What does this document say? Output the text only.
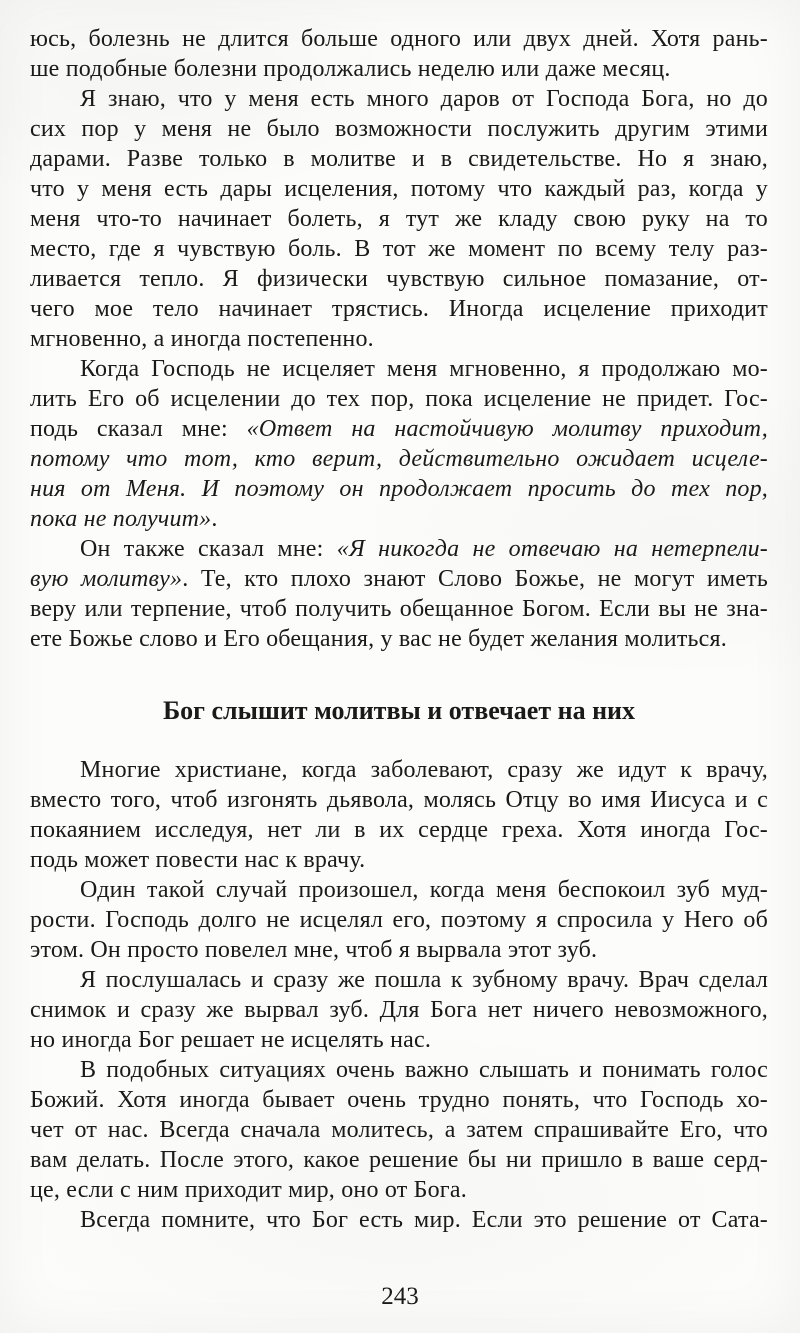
юсь, болезнь не длится больше одного или двух дней. Хотя рань-
ше подобные болезни продолжались неделю или даже месяц.
Я знаю, что у меня есть много даров от Господа Бога, но до
сих пор у меня не было возможности послужить другим этими
дарами. Разве только в молитве и в свидетельстве. Но я знаю,
что у меня есть дары исцеления, потому что каждый раз, когда у
меня что-то начинает болеть, я тут же кладу свою руку на то
место, где я чувствую боль. В тот же момент по всему телу раз-
ливается тепло. Я физически чувствую сильное помазание, от-
чего мое тело начинает трястись. Иногда исцеление приходит
мгновенно, а иногда постепенно.
Когда Господь не исцеляет меня мгновенно, я продолжаю мо-
лить Его об исцелении до тех пор, пока исцеление не придет. Гос-
подь сказал мне: «Ответ на настойчивую молитву приходит,
потому что тот, кто верит, действительно ожидает исцеле-
ния от Меня. И поэтому он продолжает просить до тех пор,
пока не получит».
Он также сказал мне: «Я никогда не отвечаю на нетерпели-
вую молитву». Те, кто плохо знают Слово Божье, не могут иметь
веру или терпение, чтоб получить обещанное Богом. Если вы не зна-
ете Божье слово и Его обещания, у вас не будет желания молиться.
Бог слышит молитвы и отвечает на них
Многие христиане, когда заболевают, сразу же идут к врачу,
вместо того, чтоб изгонять дьявола, молясь Отцу во имя Иисуса и с
покаянием исследуя, нет ли в их сердце греха. Хотя иногда Гос-
подь может повести нас к врачу.
Один такой случай произошел, когда меня беспокоил зуб муд-
рости. Господь долго не исцелял его, поэтому я спросила у Него об
этом. Он просто повелел мне, чтоб я вырвала этот зуб.
Я послушалась и сразу же пошла к зубному врачу. Врач сделал
снимок и сразу же вырвал зуб. Для Бога нет ничего невозможного,
но иногда Бог решает не исцелять нас.
В подобных ситуациях очень важно слышать и понимать голос
Божий. Хотя иногда бывает очень трудно понять, что Господь хо-
чет от нас. Всегда сначала молитесь, а затем спрашивайте Его, что
вам делать. После этого, какое решение бы ни пришло в ваше серд-
це, если с ним приходит мир, оно от Бога.
Всегда помните, что Бог есть мир. Если это решение от Сата-
243
